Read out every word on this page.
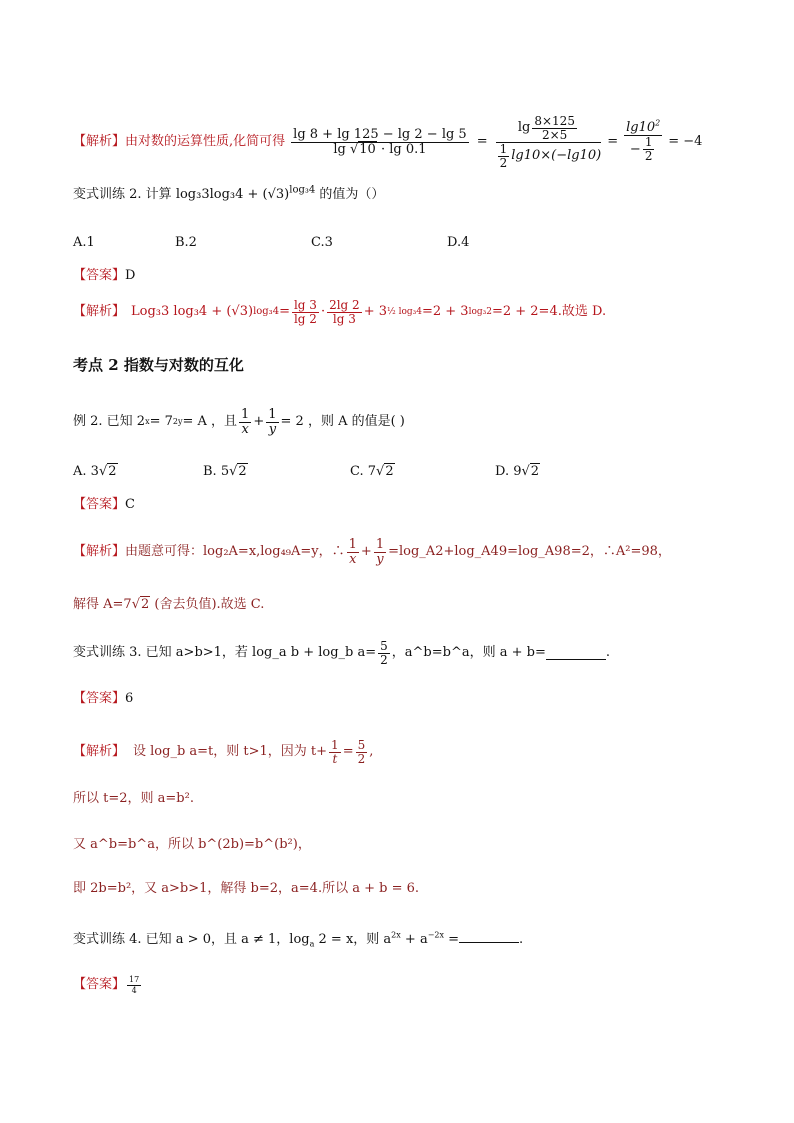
【解析】 由对数的运算性质,化简可得 $\frac{\lg 8 + \lg 125 - \lg 2 - \lg 5}{\lg √10 \cdot \lg 0.1} = \frac{\lg \frac{8\times 125}{2\times 5}}{\frac{1}{2} \lg 10\times(-\lg 10)} = \frac{\lg 10^2}{- \frac{1}{2}} = -4$
变式训练 2. 计算 $\log_33\log_34 + (√3)^{log_34}$ 的值为（）
A.1	B.2	C.3	D.4
【答案】D
【解析】 Log₃3 log₃4 + (√3) $\log_34 = \frac{\lg 3}{\lg 2} \cdot \frac{2\lg 2}{\lg 3} + 3$ ½ log₃4 =2 + 3 log₃2 =2 + 2=4.故选 D.
考点 2 指数与对数的互化
例 2. 已知 2 x = 7 2y = A ，且 $\frac{1}{x} + \frac{1}{y} = 2$ ，则 A 的值是( )
A. 3√2	B. 5√2	C. 7√2	D. 9√2
【答案】C
【解析】 由题意可得：log₂A=x,log₄₉A=y，∴ $\frac{1}{x} + \frac{1}{y}$ =log_A2+log_A49=log_A98=2，∴A²=98，
解得 A=7√2 (舍去负值).故选 C.
变式训练 3. 已知 a>b>1，若 log_a b + log_b $a= \frac{5}{2}$ ，a^b=b^a，则 a + b=	.
【答案】6
【解析】 设 log_b a=t，则 t>1，因为 $t+ \frac{1}{t} = \frac{5}{2}$ ,
所以 t=2，则 a=b².
又 a^b=b^a，所以 b^(2b)=b^(b²)，
即 2b=b²，又 a>b>1，解得 b=2，a=4.所以 a + b = 6.
变式训练 4. 已知 a > 0，且 a ≠ 1，$\log_a 2 = x$，则 $a^{2x} + a^{-2x}$ =	.
【答案】 $\frac{17}{4}$
